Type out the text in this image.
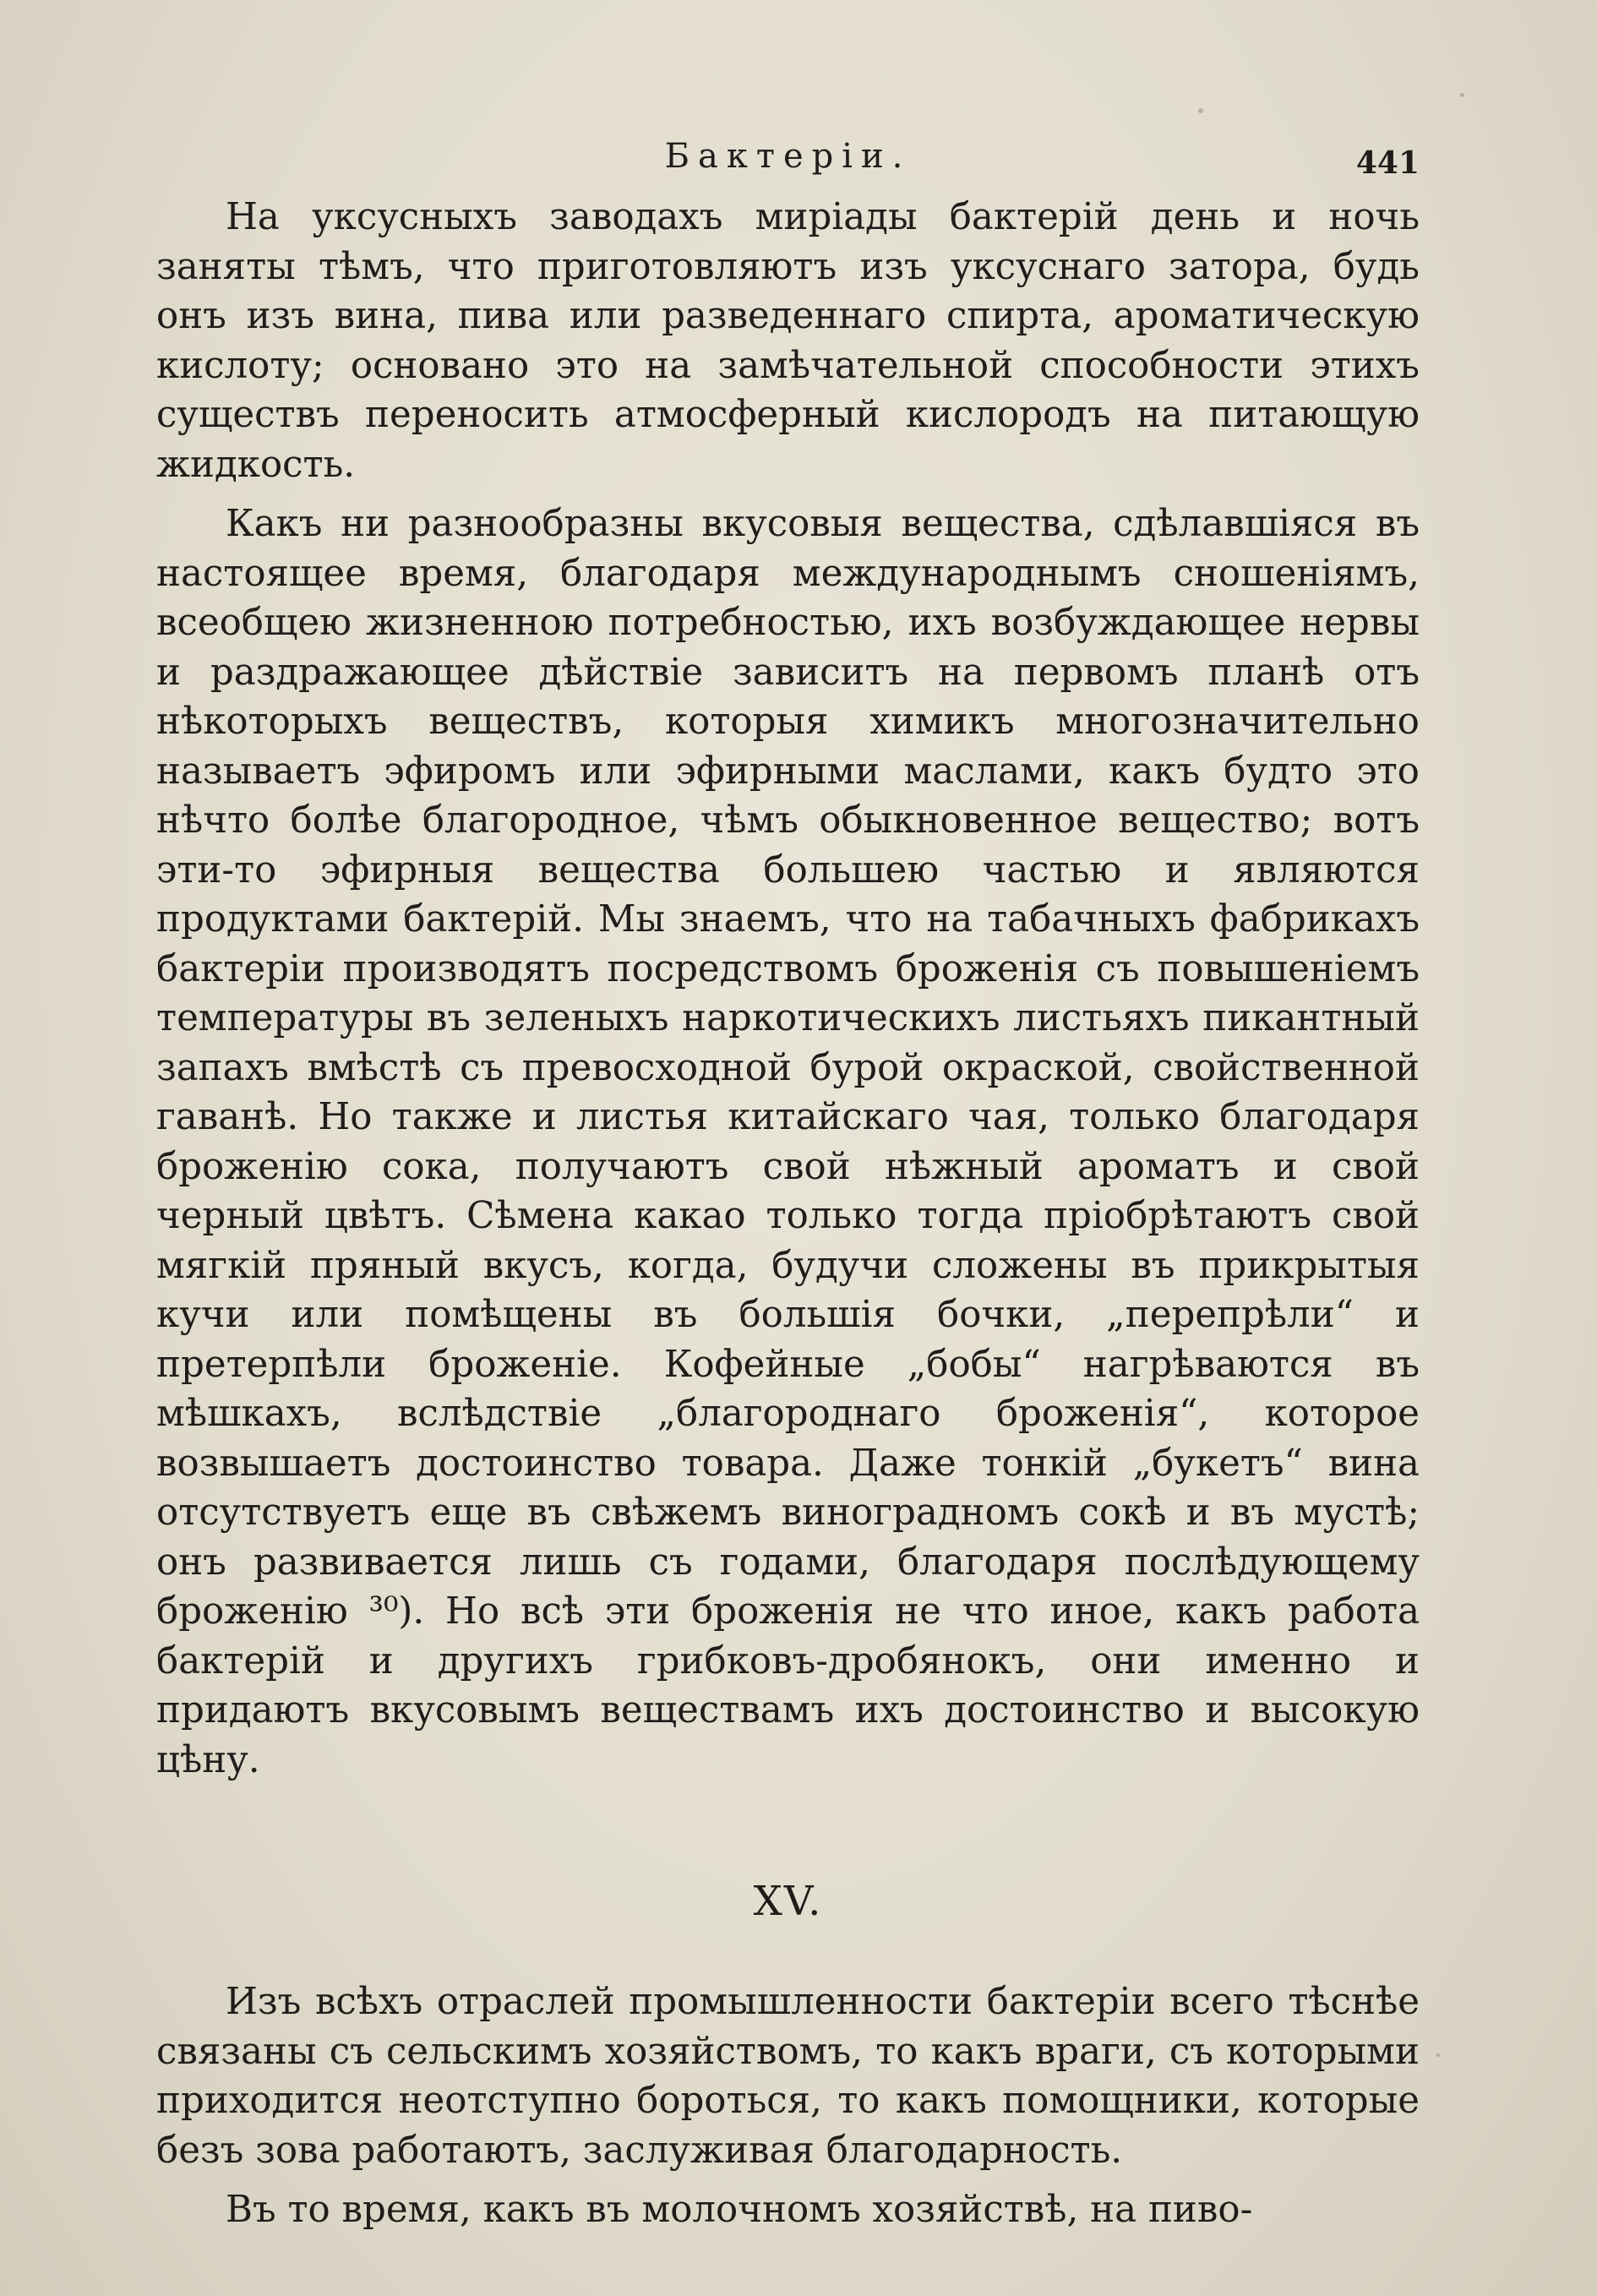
Бактеріи.	441

На уксусныхъ заводахъ миріады бактерій день и ночь заняты тѣмъ, что приготовляютъ изъ уксуснаго затора, будь онъ изъ вина, пива или разведеннаго спирта, ароматическую кислоту; основано это на замѣчательной способности этихъ существъ переносить атмосферный кислородъ на питающую жидкость.

Какъ ни разнообразны вкусовыя вещества, сдѣлавшіяся въ настоящее время, благодаря международнымъ сношеніямъ, всеобщею жизненною потребностью, ихъ возбуждающее нервы и раздражающее дѣйствіе зависитъ на первомъ планѣ отъ нѣкоторыхъ веществъ, которыя химикъ многозначительно называетъ эфиромъ или эфирными маслами, какъ будто это нѣчто болѣе благородное, чѣмъ обыкновенное вещество; вотъ эти-то эфирныя вещества большею частью и являются продуктами бактерій. Мы знаемъ, что на табачныхъ фабрикахъ бактеріи производятъ посредствомъ броженія съ повышеніемъ температуры въ зеленыхъ наркотическихъ листьяхъ пикантный запахъ вмѣстѣ съ превосходной бурой окраской, свойственной гаванѣ. Но также и листья китайскаго чая, только благодаря броженію сока, получаютъ свой нѣжный ароматъ и свой черный цвѣтъ. Сѣмена какао только тогда пріобрѣтаютъ свой мягкій пряный вкусъ, когда, будучи сложены въ прикрытыя кучи или помѣщены въ большія бочки, „перепрѣли“ и претерпѣли броженіе. Кофейные „бобы“ нагрѣваются въ мѣшкахъ, вслѣдствіе „благороднаго броженія“, которое возвышаетъ достоинство товара. Даже тонкій „букетъ“ вина отсутствуетъ еще въ свѣжемъ виноградномъ сокѣ и въ мустѣ; онъ развивается лишь съ годами, благодаря послѣдующему броженію ³⁰). Но всѣ эти броженія не что иное, какъ работа бактерій и другихъ грибковъ-дробянокъ, они именно и придаютъ вкусовымъ веществамъ ихъ достоинство и высокую цѣну.

XV.

Изъ всѣхъ отраслей промышленности бактеріи всего тѣснѣе связаны съ сельскимъ хозяйствомъ, то какъ враги, съ которыми приходится неотступно бороться, то какъ помощники, которые безъ зова работаютъ, заслуживая благодарность.

Въ то время, какъ въ молочномъ хозяйствѣ, на пиво-
